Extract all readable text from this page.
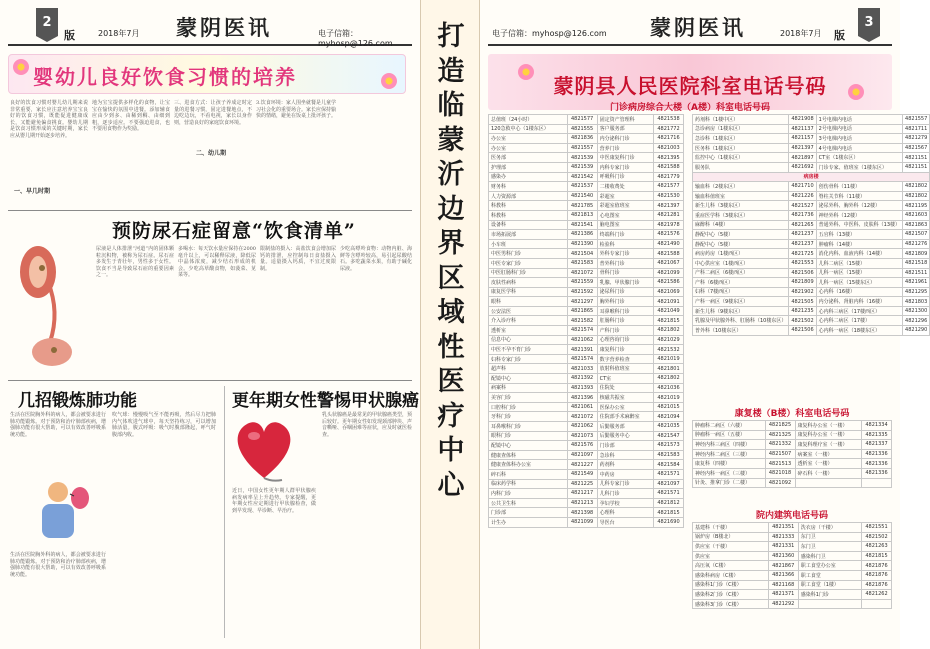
2
版	2018年7月 蒙阴医讯	电子信箱：myhosp@126.com
婴幼儿良好饮食习惯的培养
良好的饮食习惯对婴儿幼儿期来说非常重要，家长应注意培养宝宝良好的饮食习惯，既能促进健康成长，又能避免偏食挑食。婴幼儿期是饮食习惯形成的关键时期，家长应从婴儿期开始逐步培养。
一、早几时期
地为宝宝提供多样化的食物，让宝宝在愉快的氛围中进餐。添加辅食应由少到多、由稀到稠、由细到粗，逐步适应。不要强迫进食，也不要用食物作为奖励。
二、幼儿期
三、进食方式：让孩子养成定时定量的进餐习惯，固定进餐地点，不边吃边玩，不看电视，家长以身作则，营造良好的家庭饮食环境。
3.饮食环境：家人围坐就餐是儿童学习社会化的重要场合。家长应保持愉快的情绪，避免在饭桌上批评孩子。
预防尿石症留意“饮食清单”
尿液是人体排泄“河道”内的固体颗粒沉积物，被称为尿石症。尿石症多发生于青壮年，男性多于女性。饮食不当是导致尿石症的重要因素之一。
多喝水：每天饮水量应保持在2000毫升以上，可以稀释尿液，降低尿中晶体浓度，减少结石形成的机会。少吃高草酸食物，如菠菜、苋菜等。
限制盐的摄入：高盐饮食会增加尿钙的排泄，应控制每日食盐摄入量。适量摄入钙质，不宜过度限制。
少吃高嘌呤食物：动物内脏、海鲜等含嘌呤较高，易引起尿酸结石。多吃蔬菜水果，有助于碱化尿液。
几招锻炼肺功能
生活在医院胸外科的病人，都会被要求进行肺功能锻炼。对于预防和治疗肺部疾病，增强肺功能有很大帮助，可以有效改善呼吸系统功能。
生活在医院胸外科的病人，都会被要求进行肺功能锻炼。对于预防和治疗肺部疾病，增强肺功能有很大帮助，可以有效改善呼吸系统功能。
吹气球：慢慢吸气至不能再吸，然后尽力把肺内气体吹进气球中，每天坚持练习，可以增加肺活量。腹式呼吸：吸气时腹部隆起，呼气时腹部内收。
更年期女性警惕甲状腺癌
近日，中国女性更年期人群甲状腺疾病发病率呈上升趋势。专家提醒，更年期女性应定期进行甲状腺检查，做到早发现、早诊断、早治疗。
乳头状腺癌是最常见的甲状腺癌类型，预后较好。更年期女性如发现颈部肿块、声音嘶哑、吞咽困难等症状，应及时就医检查。
打
造
临
蒙
沂
边
界
区
域
性
医
疗
中
心
电子信箱：myhosp@126.com 蒙阴医讯	2018年7月 版
3
蒙阴县人民医院科室电话号码
门诊病房综合大楼（A楼）科室电话号码
总值班（24小时）	4821577	固定资产管理科	4821538
120急救中心（1楼东区）	4821555	客户服务部	4821772
办公室	4821836	内分泌科门诊	4821716
办公室	4821557	营养门诊	4821003
医务部	4821539	中医康复科门诊	4821395
护理部	4821539	内科专家门诊	4821588
感染办	4821542	呼吸科门诊	4821779
财务科	4821537	二楼收费处	4821577
人力资源部	4821540	彩超室	4821530
科教科	4821785	彩超室值班室	4821397
科教科	4821813	心电图室	4821281
设备科	4821541	脑电图室	4821978
市场拓展部	4821386	终端科门诊	4821576
小车班	4821390	检验科	4821490
中医男科门诊	4821504	外科专家门诊	4821588
中医专家门诊	4821583	普外科门诊	4821067
中医肛肠科门诊	4821072	骨科门诊	4821099
皮肤性病科	4821559	乳腺、甲状腺门诊	4821586
康复医学科	4821592	泌尿科门诊	4821069
眼科	4821297	胸外科门诊	4821091
公安法医	4821865	耳鼻喉科门诊	4821049
介入诊疗科	4821582	肛肠科门诊	4821815
透析室	4821574	产科门诊	4821802
信息中心	4821062	心理咨询门诊	4821029
中医不孕不育门诊	4821391	康复科门诊	4821532
妇科专家门诊	4821574	数字营养检查	4821019
超声科	4821033	放射科值班室	4821801
配镜中心	4821392	CT室	4821802
病案科	4821393	住院处	4821036
美容门诊	4821396	核磁共振室	4821019
口腔科门诊	4821061	医保办公室	4821015
牙科门诊	4821072	住院部手术麻醉室	4821094
耳鼻喉科门诊	4821062	后勤服务部	4821035
眼科门诊	4821073	后勤服务中心	4821547
配镜中心	4821576	门诊部	4821573
健康查体科	4821097	急诊科	4821583
健康查体科办公室	4821227	药剂科	4821584
碎石科	4821549	中药房	4821571
临床药学科	4821225	儿科专家门诊	4821097
内科门诊	4821217	儿科门诊	4821571
公共卫生科	4821213	孕妇学校	4821812
门诊部	4821398	心理科	4821815
计生办	4821099	导医台	4821690
药剂科（1楼中区）	4821908	1号电梯内电话	4821557
急诊病房（1楼东区）	4821137	2号电梯内电话	4821711
急诊科（1楼东区）	4821157	3号电梯内电话	4821279
医务科（1楼东区）	4821397	4号电梯内电话	4821567
监控中心（1楼东区）	4821897	CT室（1楼东区）	4821151
服务队	4821692	门诊专家、值班室（1楼东区）	4821151
病房楼			
输血科（2楼东区）	4821710	创伤骨科（11楼）	4821802
输血科值班室	4821226	脊柱关节科（11楼）	4821802
新生儿科（3楼东区）	4821527	泌尿外科、胸外科（12楼）	4821195
重症医学科（3楼东区）	4821736	神经外科（12楼）	4821603
麻醉科（4楼）	4821265	普通外科、中医科、皮肤科（13楼）	4821863
静配中心（5楼）	4821237	五官科（13楼）	4821507
静配中心（5楼）	4821237	肿瘤科（14楼）	4821276
病房药房（1楼西区）	4821725	消化内科、血液内科（14楼）	4821809
中心供应室（1楼西区）	4821553	儿科二病区（15楼）	4821518
产科二病区（6楼西区）	4821506	儿科一病区（15楼）	4821511
产科（6楼西区）	4821809	儿科一病区（15楼东区）	4821961
妇科（7楼西区）	4821902	心内科（16楼）	4821295
产科一病区（9楼东区）	4821505	内分泌科、肾脏内科（16楼）	4821803
新生儿科（9楼东区）	4821235	心内科三病区（17楼西区）	4821300
乳腺及甲状腺外科、肛肠科（10楼东区）	4821502	心内科二病区（17楼）	4821296
普外科（10楼东区）	4821506	心内科一病区（18楼东区）	4821290
康复楼（B楼）科室电话号码
肿瘤科二病区（六楼）	4821825	康复科办公室（一楼）	4821334
肿瘤科一病区（五楼）	4821325	康复科办公室（一楼）	4821335
神经内科三病区（四楼）	4821332	康复科理疗室（一楼）	4821337
神经内科二病区（三楼）	4821507	病案室（一楼）	4821336
康复科（四楼）	4821513	透析室（一楼）	4821336
神经内科一病区（三楼）	4821018	碎石科（一楼）	4821336
针灸、推拿门诊（二楼）	4821092		
院内建筑电话号码
基建科（干楼）	4821351	洗衣房（干楼）	4821551
锅炉房（B楼北）	4821333	东门卫	4821502
供应室（干楼）	4821331	东门卫	4821263
供应室	4821360	感染科门卫	4821815
高压氧（C楼）	4821867	职工食堂办公室	4821876
感染科病房（C楼）	4821366	职工食堂	4821876
感染科1门诊（C楼）	4821168	职工食堂（1楼）	4821876
感染科2门诊（C楼）	4821371	感染科1门诊	4821262
感染科3门诊（C楼）	4821292		
